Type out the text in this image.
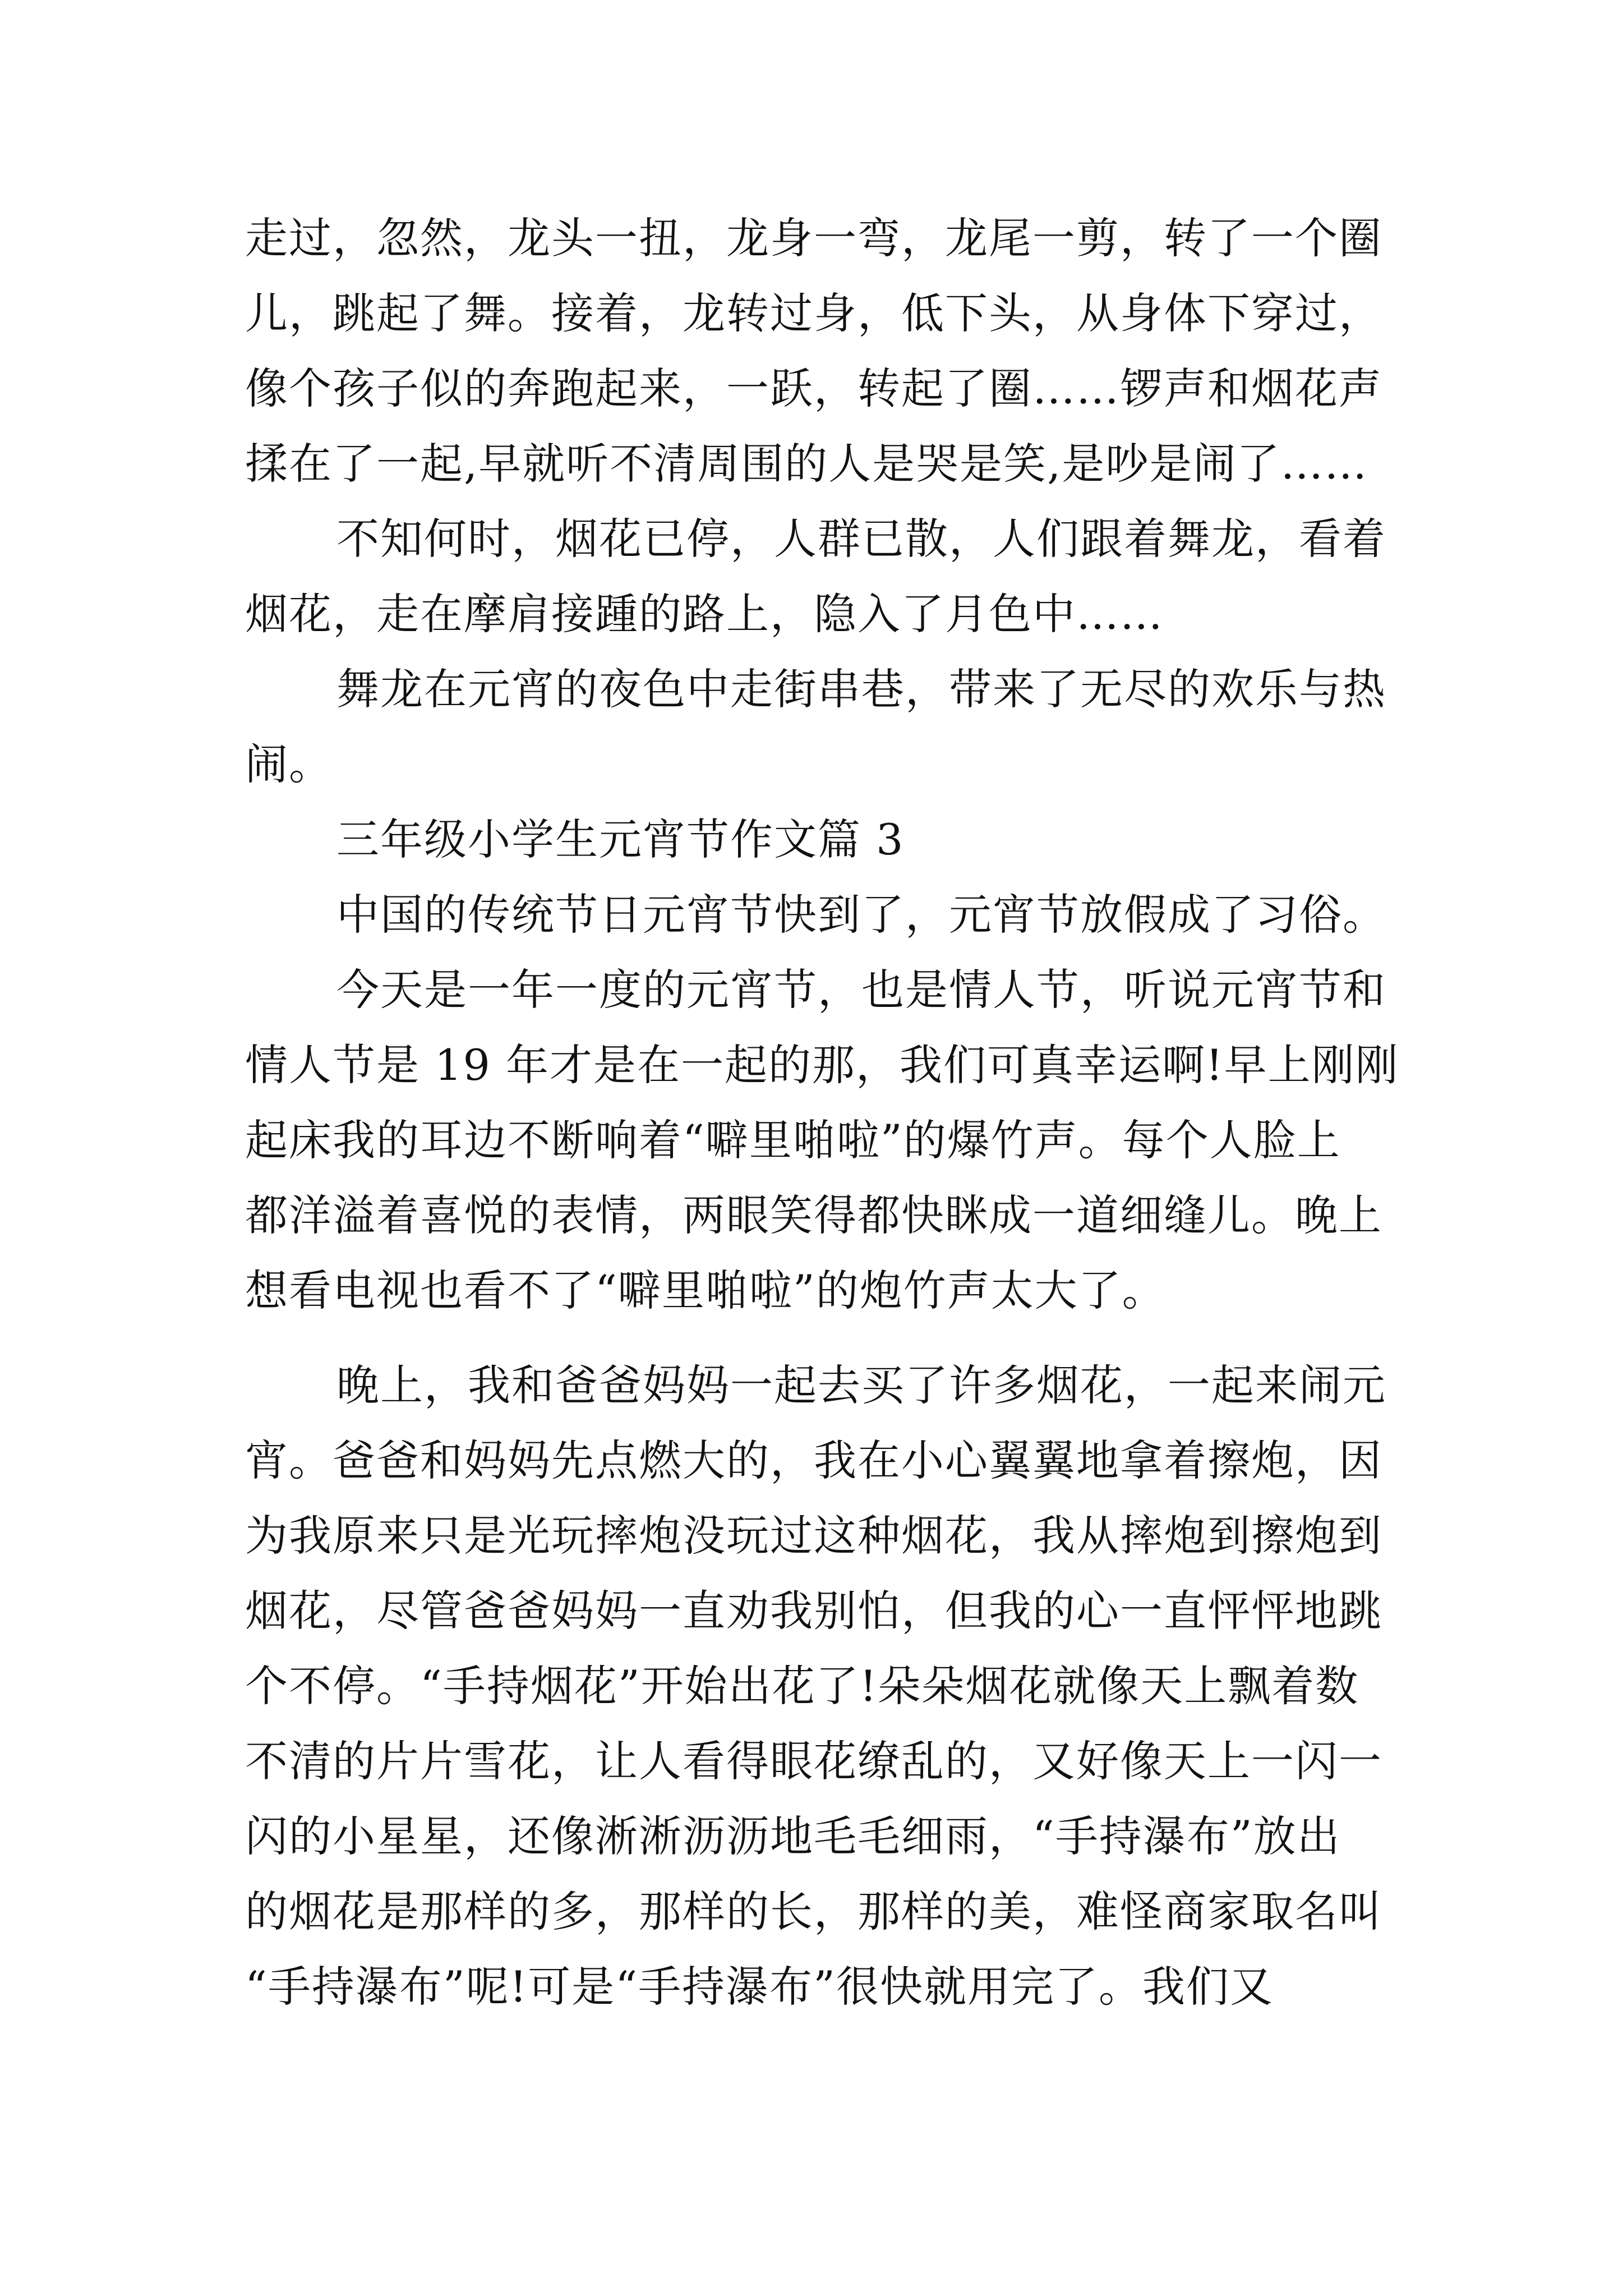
走过，忽然，龙头一扭，龙身一弯，龙尾一剪，转了一个圈
儿，跳起了舞。接着，龙转过身，低下头，从身体下穿过，
像个孩子似的奔跑起来，一跃，转起了圈……锣声和烟花声
揉在了一起,早就听不清周围的人是哭是笑,是吵是闹了……
不知何时，烟花已停，人群已散，人们跟着舞龙，看着
烟花，走在摩肩接踵的路上，隐入了月色中……
舞龙在元宵的夜色中走街串巷，带来了无尽的欢乐与热
闹。
三年级小学生元宵节作文篇 3
中国的传统节日元宵节快到了，元宵节放假成了习俗。
今天是一年一度的元宵节，也是情人节，听说元宵节和
情人节是 19 年才是在一起的那，我们可真幸运啊!早上刚刚
起床我的耳边不断响着“噼里啪啦”的爆竹声。每个人脸上
都洋溢着喜悦的表情，两眼笑得都快眯成一道细缝儿。晚上
想看电视也看不了“噼里啪啦”的炮竹声太大了。
晚上，我和爸爸妈妈一起去买了许多烟花，一起来闹元
宵。爸爸和妈妈先点燃大的，我在小心翼翼地拿着擦炮，因
为我原来只是光玩摔炮没玩过这种烟花，我从摔炮到擦炮到
烟花，尽管爸爸妈妈一直劝我别怕，但我的心一直怦怦地跳
个不停。“手持烟花”开始出花了!朵朵烟花就像天上飘着数
不清的片片雪花，让人看得眼花缭乱的，又好像天上一闪一
闪的小星星，还像淅淅沥沥地毛毛细雨，“手持瀑布”放出
的烟花是那样的多，那样的长，那样的美，难怪商家取名叫
“手持瀑布”呢!可是“手持瀑布”很快就用完了。我们又
